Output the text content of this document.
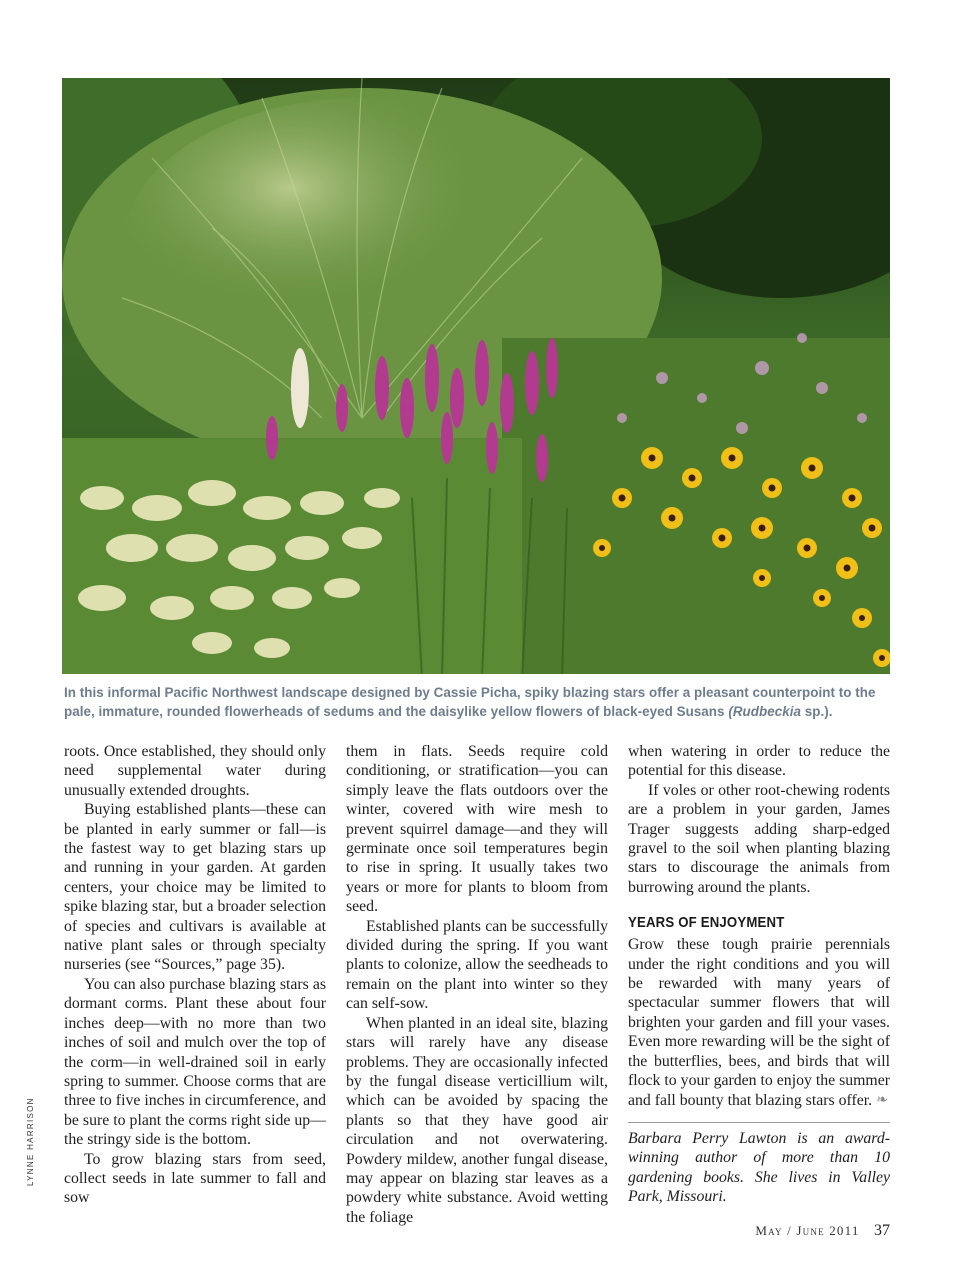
In this informal Pacific Northwest landscape designed by Cassie Picha, spiky blazing stars offer a pleasant counterpoint to the pale, immature, rounded flowerheads of sedums and the daisylike yellow flowers of black-eyed Susans (Rudbeckia sp.).

roots. Once established, they should only need supplemental water during unusually extended droughts.

Buying established plants—these can be planted in early summer or fall—is the fastest way to get blazing stars up and running in your garden. At garden centers, your choice may be limited to spike blazing star, but a broader selection of species and cultivars is available at native plant sales or through specialty nurseries (see “Sources,” page 35).

You can also purchase blazing stars as dormant corms. Plant these about four inches deep—with no more than two inches of soil and mulch over the top of the corm—in well-drained soil in early spring to summer. Choose corms that are three to five inches in circumference, and be sure to plant the corms right side up—the stringy side is the bottom.

To grow blazing stars from seed, collect seeds in late summer to fall and sow

them in flats. Seeds require cold conditioning, or stratification—you can simply leave the flats outdoors over the winter, covered with wire mesh to prevent squirrel damage—and they will germinate once soil temperatures begin to rise in spring. It usually takes two years or more for plants to bloom from seed.

Established plants can be successfully divided during the spring. If you want plants to colonize, allow the seedheads to remain on the plant into winter so they can self-sow.

When planted in an ideal site, blazing stars will rarely have any disease problems. They are occasionally infected by the fungal disease verticillium wilt, which can be avoided by spacing the plants so that they have good air circulation and not overwatering. Powdery mildew, another fungal disease, may appear on blazing star leaves as a powdery white substance. Avoid wetting the foliage

when watering in order to reduce the potential for this disease.

If voles or other root-chewing rodents are a problem in your garden, James Trager suggests adding sharp-edged gravel to the soil when planting blazing stars to discourage the animals from burrowing around the plants.

YEARS OF ENJOYMENT

Grow these tough prairie perennials under the right conditions and you will be rewarded with many years of spectacular summer flowers that will brighten your garden and fill your vases. Even more rewarding will be the sight of the butterflies, bees, and birds that will flock to your garden to enjoy the summer and fall bounty that blazing stars offer. ❧

Barbara Perry Lawton is an award-winning author of more than 10 gardening books. She lives in Valley Park, Missouri.

LYNNE HARRISON
May / June 2011 37
